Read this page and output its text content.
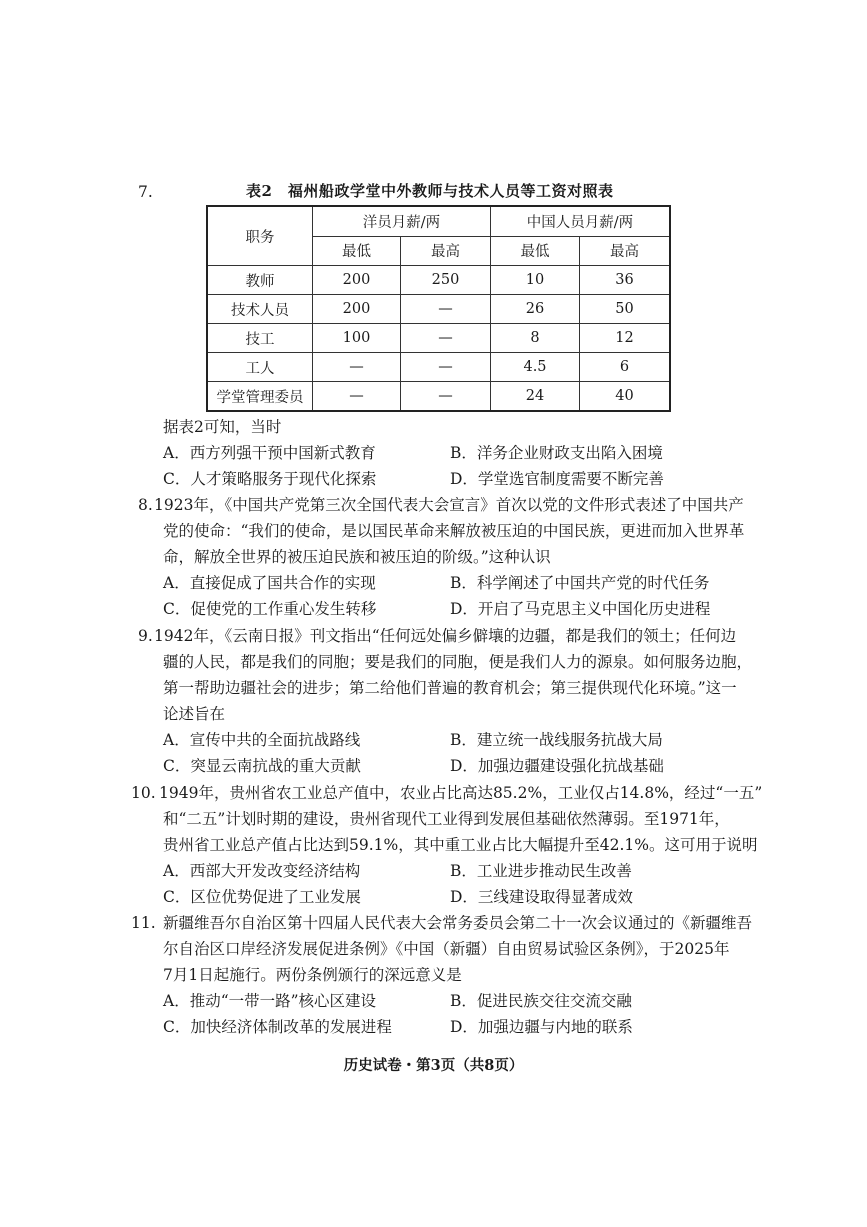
7.	表2　福州船政学堂中外教师与技术人员等工资对照表
职务	洋员月薪/两		中国人员月薪/两	
	最低	最高	最低	最高
教师	200	250	10	36
技术人员	200	—	26	50
技工	100	—	8	12
工人	—	—	4.5	6
学堂管理委员	—	—	24	40
据表2可知，当时
A．西方列强干预中国新式教育	B．洋务企业财政支出陷入困境
C．人才策略服务于现代化探索	D．学堂选官制度需要不断完善
8. 1923年，《中国共产党第三次全国代表大会宣言》首次以党的文件形式表述了中国共产
党的使命：“我们的使命，是以国民革命来解放被压迫的中国民族，更进而加入世界革
命，解放全世界的被压迫民族和被压迫的阶级。”这种认识
A．直接促成了国共合作的实现	B．科学阐述了中国共产党的时代任务
C．促使党的工作重心发生转移	D．开启了马克思主义中国化历史进程
9. 1942年，《云南日报》刊文指出“任何远处偏乡僻壤的边疆，都是我们的领土；任何边
疆的人民，都是我们的同胞；要是我们的同胞，便是我们人力的源泉。如何服务边胞，
第一帮助边疆社会的进步；第二给他们普遍的教育机会；第三提供现代化环境。”这一
论述旨在
A．宣传中共的全面抗战路线	B．建立统一战线服务抗战大局
C．突显云南抗战的重大贡献	D．加强边疆建设强化抗战基础
10. 1949年，贵州省农工业总产值中，农业占比高达85.2%，工业仅占14.8%，经过“一五”
和“二五”计划时期的建设，贵州省现代工业得到发展但基础依然薄弱。至1971年，
贵州省工业总产值占比达到59.1%，其中重工业占比大幅提升至42.1%。这可用于说明
A．西部大开发改变经济结构	B．工业进步推动民生改善
C．区位优势促进了工业发展	D．三线建设取得显著成效
11. 新疆维吾尔自治区第十四届人民代表大会常务委员会第二十一次会议通过的《新疆维吾
尔自治区口岸经济发展促进条例》《中国（新疆）自由贸易试验区条例》，于2025年
7月1日起施行。两份条例颁行的深远意义是
A．推动“一带一路”核心区建设	B．促进民族交往交流交融
C．加快经济体制改革的发展进程	D．加强边疆与内地的联系
历史试卷・第3页（共8页）
